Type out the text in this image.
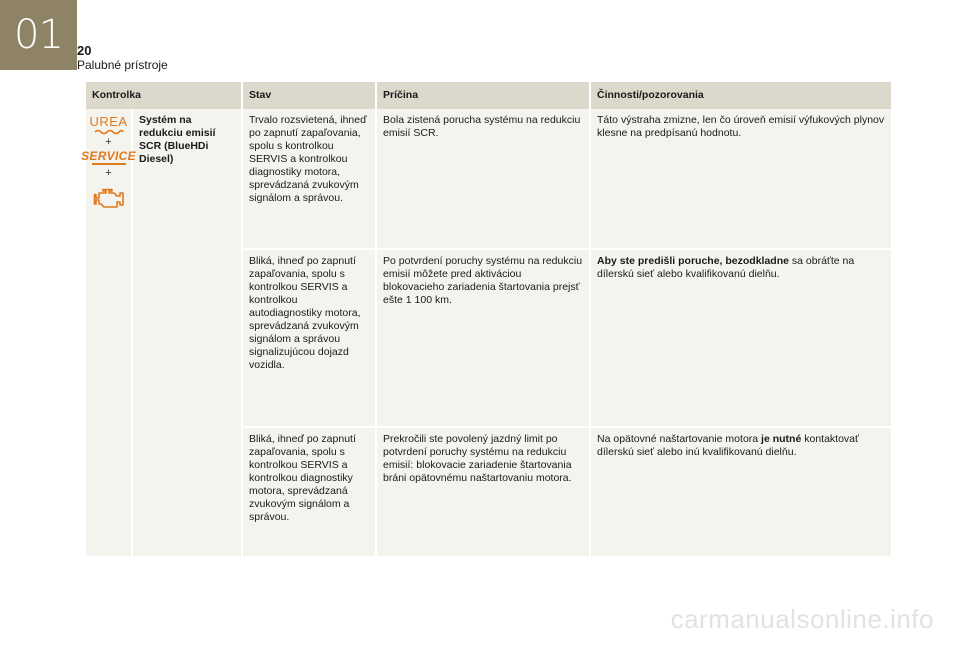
01 20
Palubné prístroje
Kontrolka		Stav	Príčina	Činnosti/pozorovania

UREA
+
SERVICE
+	Systém na redukciu emisií SCR (BlueHDi Diesel)	Trvalo rozsvietená, ihneď po zapnutí zapaľovania, spolu s kontrolkou SERVIS a kontrolkou diagnostiky motora, sprevádzaná zvukovým signálom a správou.	Bola zistená porucha systému na redukciu emisií SCR.	Táto výstraha zmizne, len čo úroveň emisií výfukových plynov klesne na predpísanú hodnotu.
		Bliká, ihneď po zapnutí zapaľovania, spolu s kontrolkou SERVIS a kontrolkou autodiagnostiky motora, sprevádzaná zvukovým signálom a správou signalizujúcou dojazd vozidla.	Po potvrdení poruchy systému na redukciu emisií môžete pred aktiváciou blokovacieho zariadenia štartovania prejsť ešte 1 100 km.	Aby ste predišli poruche, bezodkladne sa obráťte na dílerskú sieť alebo kvalifikovanú dielňu.
		Bliká, ihneď po zapnutí zapaľovania, spolu s kontrolkou SERVIS a kontrolkou diagnostiky motora, sprevádzaná zvukovým signálom a správou.	Prekročili ste povolený jazdný limit po potvrdení poruchy systému na redukciu emisií: blokovacie zariadenie štartovania bráni opätovnému naštartovaniu motora.	Na opätovné naštartovanie motora je nutné kontaktovať dílerskú sieť alebo inú kvalifikovanú dielňu.
carmanualsonline.info
